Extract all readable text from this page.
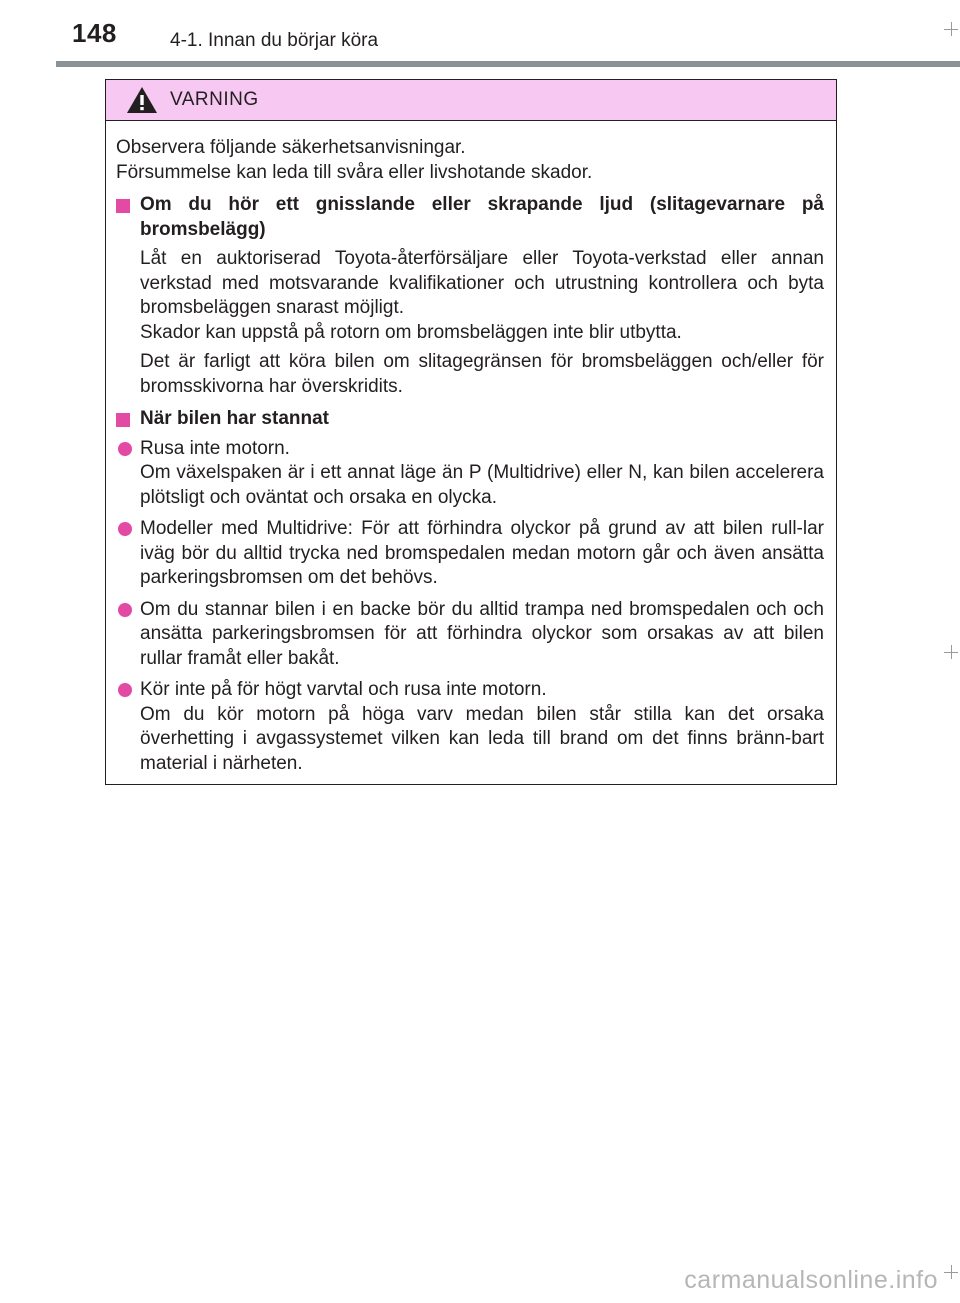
148	4-1. Innan du börjar köra
VARNING

Observera följande säkerhetsanvisningar.

Försummelse kan leda till svåra eller livshotande skador.

Om du hör ett gnisslande eller skrapande ljud (slitagevarnare på bromsbelägg)
Låt en auktoriserad Toyota-återförsäljare eller Toyota-verkstad eller annan verkstad med motsvarande kvalifikationer och utrustning kontrollera och byta bromsbeläggen snarast möjligt.
Skador kan uppstå på rotorn om bromsbeläggen inte blir utbytta.
Det är farligt att köra bilen om slitagegränsen för bromsbeläggen och/eller för bromsskivorna har överskridits.
När bilen har stannat
Rusa inte motorn.
Om växelspaken är i ett annat läge än P (Multidrive) eller N, kan bilen accelerera plötsligt och oväntat och orsaka en olycka.
Modeller med Multidrive: För att förhindra olyckor på grund av att bilen rull-lar iväg bör du alltid trycka ned bromspedalen medan motorn går och även ansätta parkeringsbromsen om det behövs.
Om du stannar bilen i en backe bör du alltid trampa ned bromspedalen och och ansätta parkeringsbromsen för att förhindra olyckor som orsakas av att bilen rullar framåt eller bakåt.
Kör inte på för högt varvtal och rusa inte motorn.
Om du kör motorn på höga varv medan bilen står stilla kan det orsaka överhetting i avgassystemet vilken kan leda till brand om det finns bränn-bart material i närheten.
carmanualsonline.info
